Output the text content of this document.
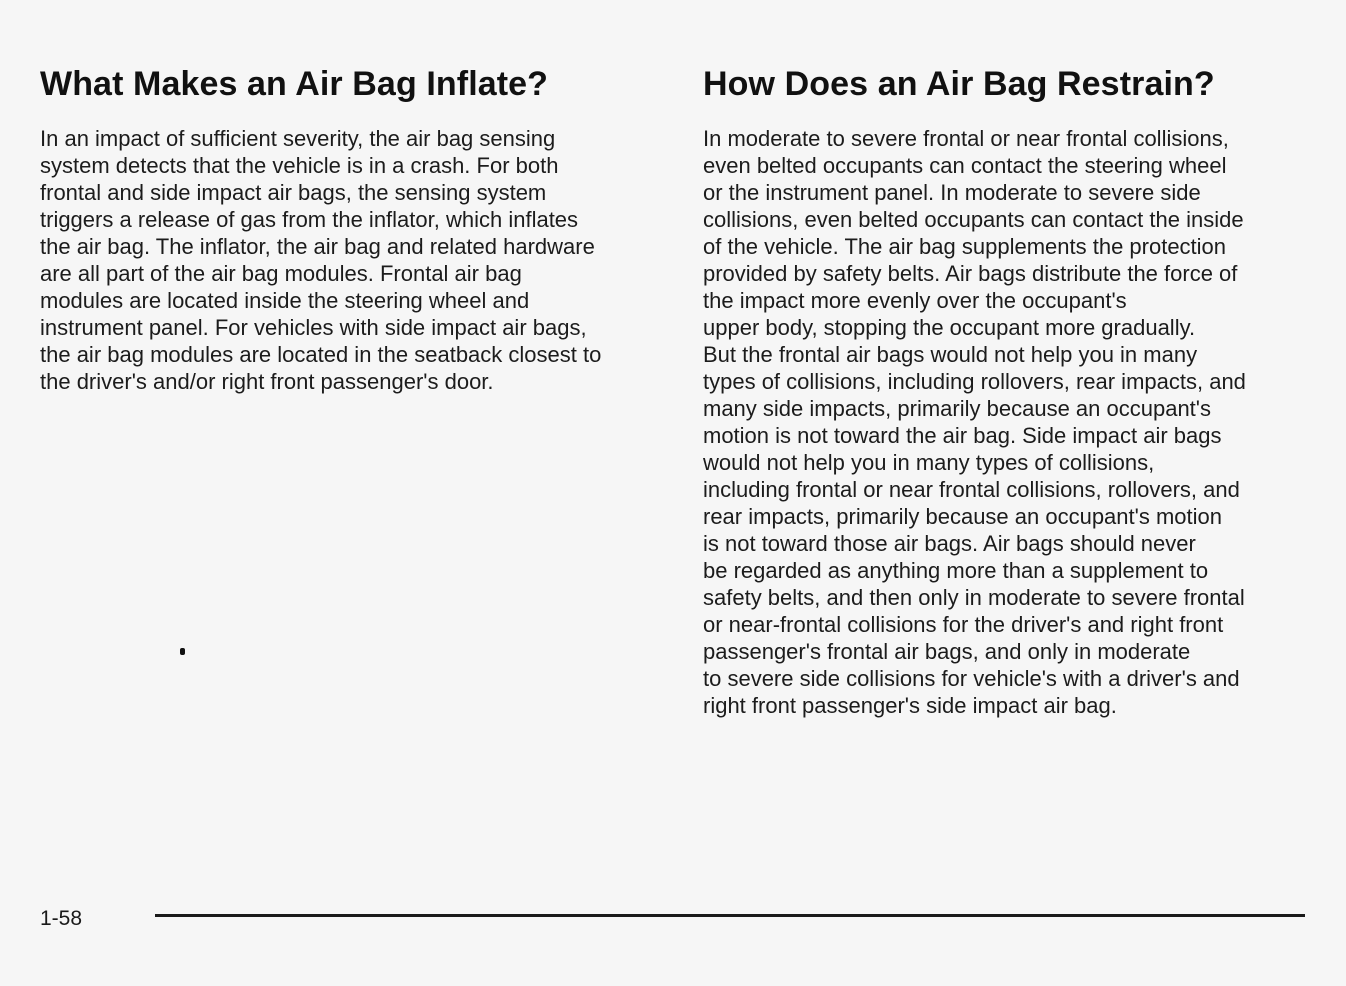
What Makes an Air Bag Inflate?

In an impact of sufficient severity, the air bag sensing
system detects that the vehicle is in a crash. For both
frontal and side impact air bags, the sensing system
triggers a release of gas from the inflator, which inflates
the air bag. The inflator, the air bag and related hardware
are all part of the air bag modules. Frontal air bag
modules are located inside the steering wheel and
instrument panel. For vehicles with side impact air bags,
the air bag modules are located in the seatback closest to
the driver's and/or right front passenger's door.

How Does an Air Bag Restrain?

In moderate to severe frontal or near frontal collisions,
even belted occupants can contact the steering wheel
or the instrument panel. In moderate to severe side
collisions, even belted occupants can contact the inside
of the vehicle. The air bag supplements the protection
provided by safety belts. Air bags distribute the force of
the impact more evenly over the occupant's
upper body, stopping the occupant more gradually.
But the frontal air bags would not help you in many
types of collisions, including rollovers, rear impacts, and
many side impacts, primarily because an occupant's
motion is not toward the air bag. Side impact air bags
would not help you in many types of collisions,
including frontal or near frontal collisions, rollovers, and
rear impacts, primarily because an occupant's motion
is not toward those air bags. Air bags should never
be regarded as anything more than a supplement to
safety belts, and then only in moderate to severe frontal
or near-frontal collisions for the driver's and right front
passenger's frontal air bags, and only in moderate
to severe side collisions for vehicle's with a driver's and
right front passenger's side impact air bag.

1-58
